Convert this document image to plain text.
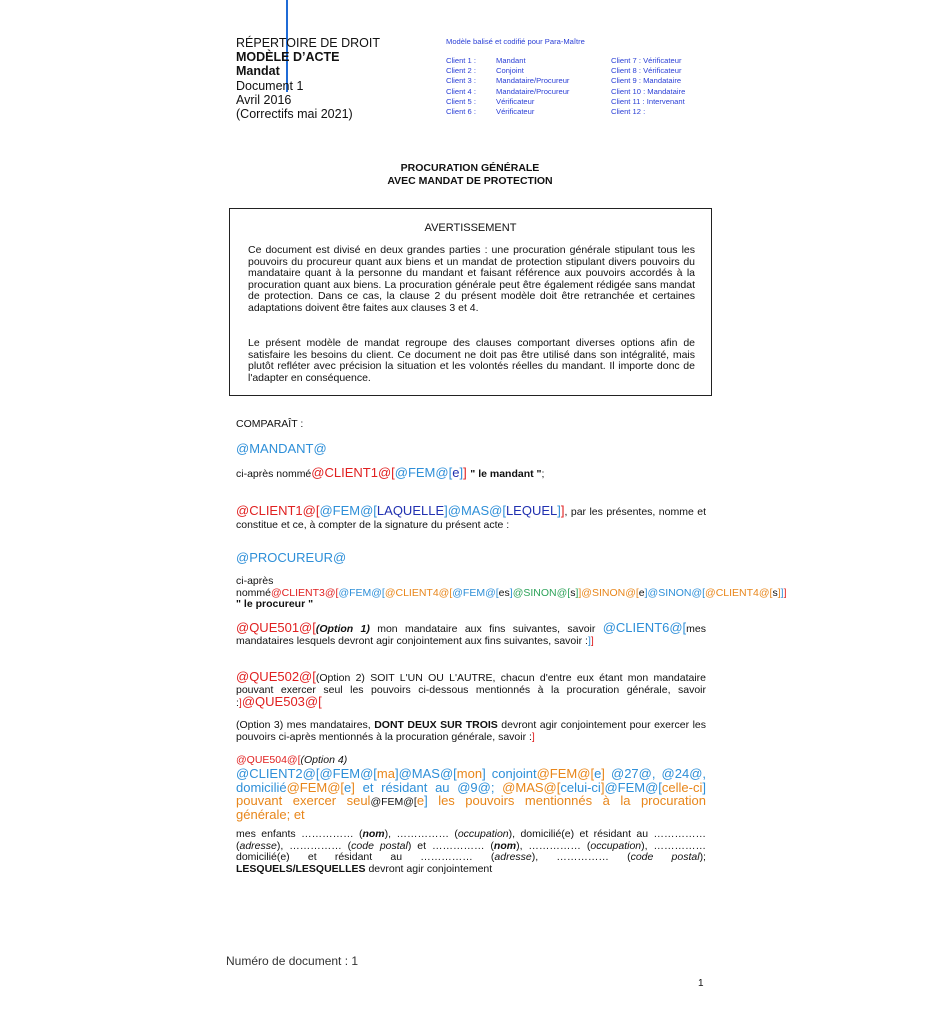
RÉPERTOIRE DE DROIT
MODÈLE D’ACTE
Mandat
Document 1
Avril 2016
(Correctifs mai 2021)
Modèle balisé et codifié pour Para-Maître
Client 1 :
Client 2 :
Client 3 :
Client 4 :
Client 5 :
Client 6 :
Mandant
Conjoint
Mandataire/Procureur
Mandataire/Procureur
Vérificateur
Vérificateur
Client 7 : Vérificateur
Client 8 : Vérificateur
Client 9 : Mandataire
Client 10 : Mandataire
Client 11 : Intervenant
Client 12 :
PROCURATION GÉNÉRALE
AVEC MANDAT DE PROTECTION
AVERTISSEMENT
Ce document est divisé en deux grandes parties : une procuration générale stipulant tous les pouvoirs du procureur quant aux biens et un mandat de protection stipulant divers pouvoirs du mandataire quant à la personne du mandant et faisant référence aux pouvoirs accordés à la procuration quant aux biens. La procuration générale peut être également rédigée sans mandat de protection. Dans ce cas, la clause 2 du présent modèle doit être retranchée et certaines adaptations doivent être faites aux clauses 3 et 4.
Le présent modèle de mandat regroupe des clauses comportant diverses options afin de satisfaire les besoins du client. Ce document ne doit pas être utilisé dans son intégralité, mais plutôt refléter avec précision la situation et les volontés réelles du mandant. Il importe donc de l'adapter en conséquence.
COMPARAÎT :
@MANDANT@
ci-après nommé@CLIENT1@[@FEM@[e]] " le mandant ";
@CLIENT1@[@FEM@[LAQUELLE]@MAS@[LEQUEL]], par les présentes, nomme et constitue et ce, à compter de la signature du présent acte :
@PROCUREUR@
ci-après nommé@CLIENT3@[@FEM@[@CLIENT4@[@FEM@[es]@SINON@[s]]@SINON@[e]@SINON@[@CLIENT4@[s]]] " le procureur "
@QUE501@[(Option 1) mon mandataire aux fins suivantes, savoir @CLIENT6@[mes mandataires lesquels devront agir conjointement aux fins suivantes, savoir :]]
@QUE502@[(Option 2) SOIT L'UN OU L'AUTRE, chacun d'entre eux étant mon mandataire pouvant exercer seul les pouvoirs ci-dessous mentionnés à la procuration générale, savoir :]@QUE503@[
(Option 3) mes mandataires, DONT DEUX SUR TROIS devront agir conjointement pour exercer les pouvoirs ci-après mentionnés à la procuration générale, savoir :]
@QUE504@[(Option 4)
@CLIENT2@[@FEM@[ma]@MAS@[mon] conjoint@FEM@[e] @27@, @24@, domicilié@FEM@[e] et résidant au @9@; @MAS@[celui-ci]@FEM@[celle-ci] pouvant exercer seul@FEM@[e] les pouvoirs mentionnés à la procuration générale; et
mes enfants …………… (nom), …………… (occupation), domicilié(e) et résidant au …………… (adresse), …………… (code postal) et …………… (nom), …………… (occupation), …………… domicilié(e) et résidant au …………… (adresse), …………… (code postal); LESQUELS/LESQUELLES devront agir conjointement
Numéro de document : 1
1
